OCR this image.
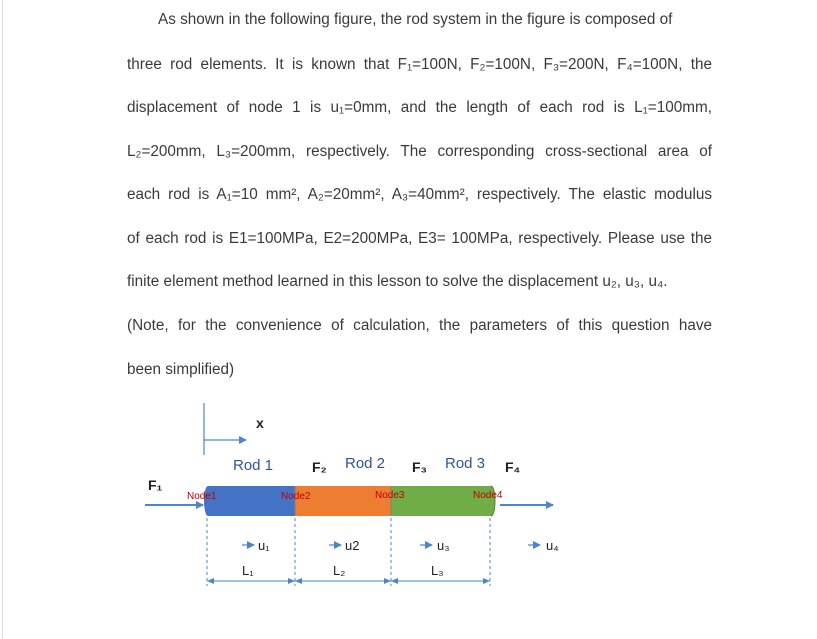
As shown in the following figure, the rod system in the figure is composed of
three rod elements. It is known that F₁=100N, F₂=100N, F₃=200N, F₄=100N, the
displacement of node 1 is u₁=0mm, and the length of each rod is L₁=100mm,
L₂=200mm, L₃=200mm, respectively. The corresponding cross-sectional area of
each rod is A₁=10 mm², A₂=20mm², A₃=40mm², respectively. The elastic modulus
of each rod is E1=100MPa, E2=200MPa, E3= 100MPa, respectively. Please use the
finite element method learned in this lesson to solve the displacement u₂, u₃, u₄.
(Note, for the convenience of calculation, the parameters of this question have
been simplified)
x
Rod 1	F₂ Rod 2 F₃ Rod 3 F₄
F₁
Node1	Node2	Node3	Node4
u₁	u2	u₃	u₄
L₁	L₂	L₃
